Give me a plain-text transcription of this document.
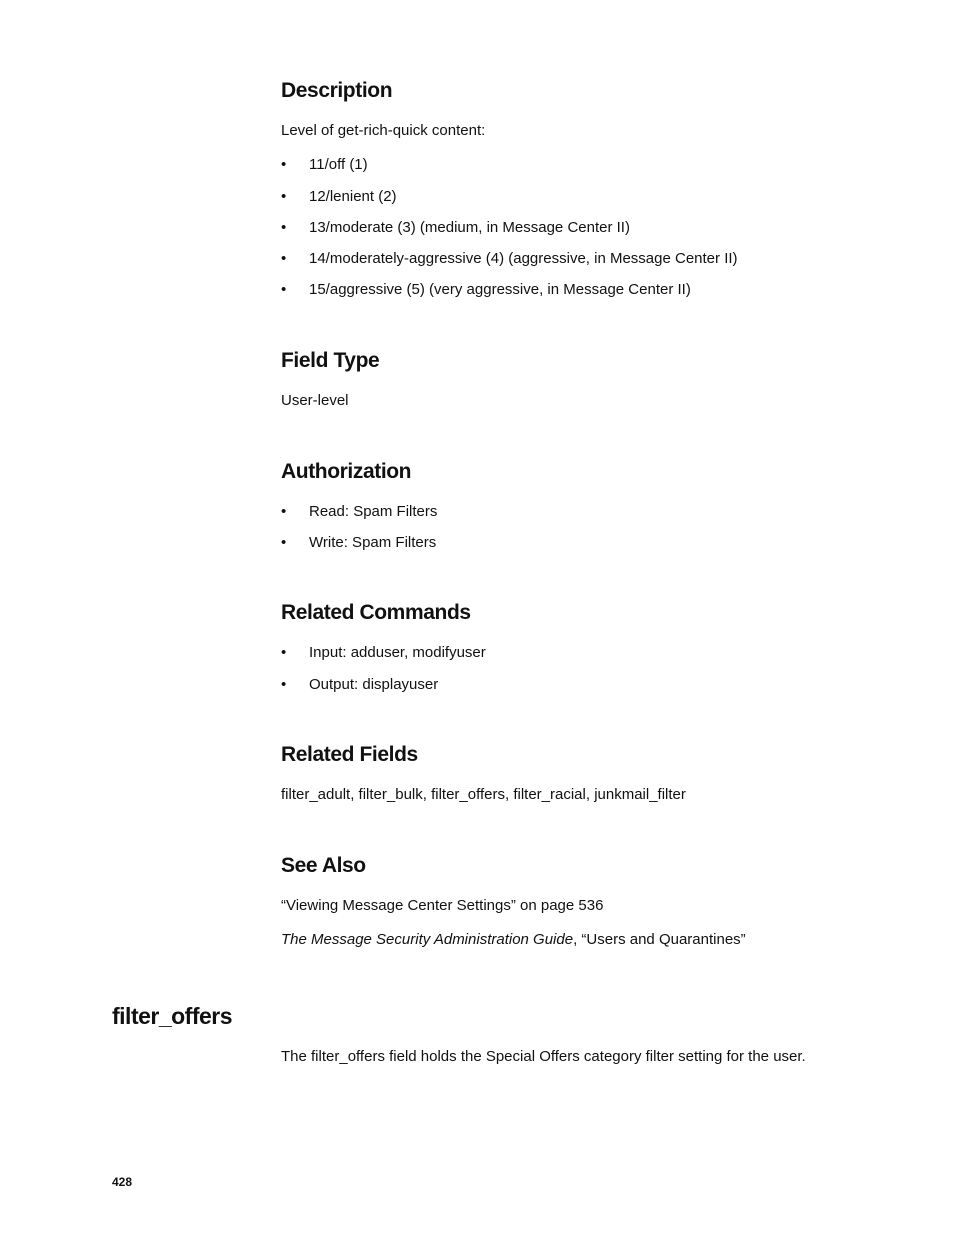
Description

Level of get-rich-quick content:

• 11/off (1)
• 12/lenient (2)
• 13/moderate (3) (medium, in Message Center II)
• 14/moderately-aggressive (4) (aggressive, in Message Center II)
• 15/aggressive (5) (very aggressive, in Message Center II)
Field Type

User-level

Authorization
• Read: Spam Filters
• Write: Spam Filters
Related Commands
• Input: adduser, modifyuser
• Output: displayuser
Related Fields

filter_adult, filter_bulk, filter_offers, filter_racial, junkmail_filter

See Also

“Viewing Message Center Settings” on page 536

The Message Security Administration Guide, “Users and Quarantines”

filter_offers

The filter_offers field holds the Special Offers category filter setting for the user.

428
